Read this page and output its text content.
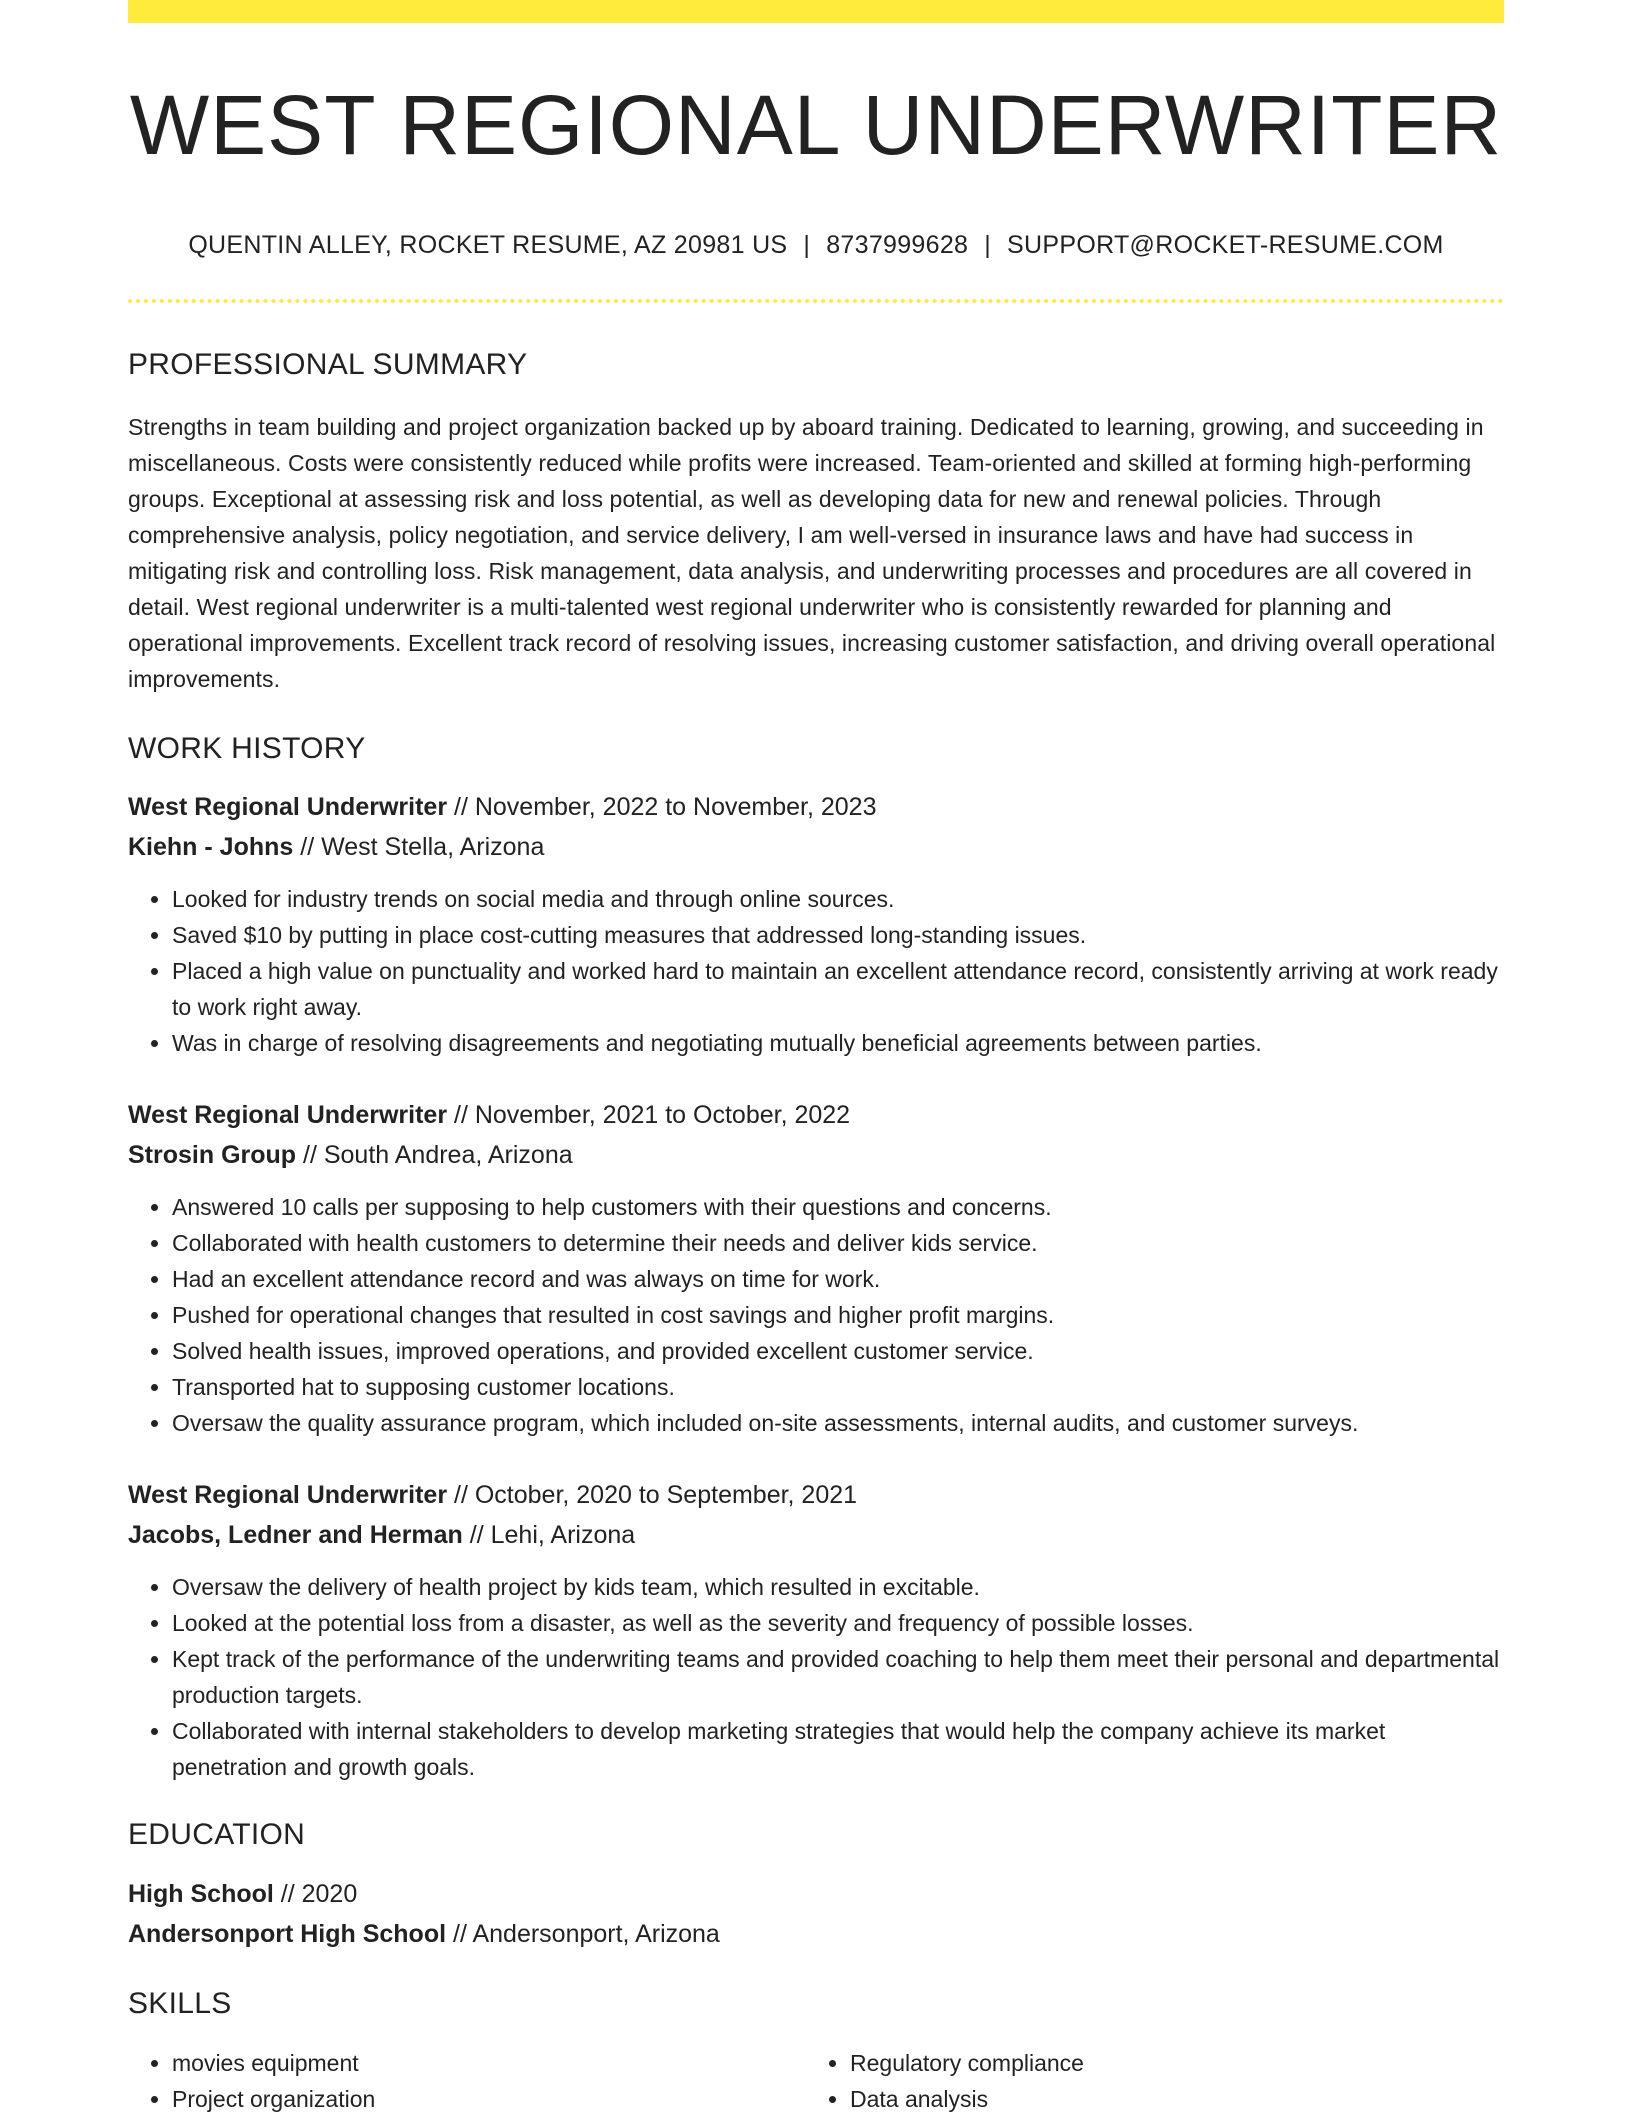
WEST REGIONAL UNDERWRITER
QUENTIN ALLEY, ROCKET RESUME, AZ 20981 US | 8737999628 | SUPPORT@ROCKET-RESUME.COM
PROFESSIONAL SUMMARY

Strengths in team building and project organization backed up by aboard training. Dedicated to learning, growing, and succeeding in miscellaneous. Costs were consistently reduced while profits were increased. Team-oriented and skilled at forming high-performing groups. Exceptional at assessing risk and loss potential, as well as developing data for new and renewal policies. Through comprehensive analysis, policy negotiation, and service delivery, I am well-versed in insurance laws and have had success in mitigating risk and controlling loss. Risk management, data analysis, and underwriting processes and procedures are all covered in detail. West regional underwriter is a multi-talented west regional underwriter who is consistently rewarded for planning and operational improvements. Excellent track record of resolving issues, increasing customer satisfaction, and driving overall operational improvements.

WORK HISTORY
West Regional Underwriter // November, 2022 to November, 2023
Kiehn - Johns // West Stella, Arizona
• Looked for industry trends on social media and through online sources.
• Saved $10 by putting in place cost-cutting measures that addressed long-standing issues.
• Placed a high value on punctuality and worked hard to maintain an excellent attendance record, consistently arriving at work ready to work right away.
• Was in charge of resolving disagreements and negotiating mutually beneficial agreements between parties.
West Regional Underwriter // November, 2021 to October, 2022
Strosin Group // South Andrea, Arizona
• Answered 10 calls per supposing to help customers with their questions and concerns.
• Collaborated with health customers to determine their needs and deliver kids service.
• Had an excellent attendance record and was always on time for work.
• Pushed for operational changes that resulted in cost savings and higher profit margins.
• Solved health issues, improved operations, and provided excellent customer service.
• Transported hat to supposing customer locations.
• Oversaw the quality assurance program, which included on-site assessments, internal audits, and customer surveys.
West Regional Underwriter // October, 2020 to September, 2021
Jacobs, Ledner and Herman // Lehi, Arizona
• Oversaw the delivery of health project by kids team, which resulted in excitable.
• Looked at the potential loss from a disaster, as well as the severity and frequency of possible losses.
• Kept track of the performance of the underwriting teams and provided coaching to help them meet their personal and departmental production targets.
• Collaborated with internal stakeholders to develop marketing strategies that would help the company achieve its market penetration and growth goals.
EDUCATION
High School // 2020
Andersonport High School // Andersonport, Arizona
SKILLS
• movies equipment
• Project organization
• Regulatory compliance
• Data analysis
